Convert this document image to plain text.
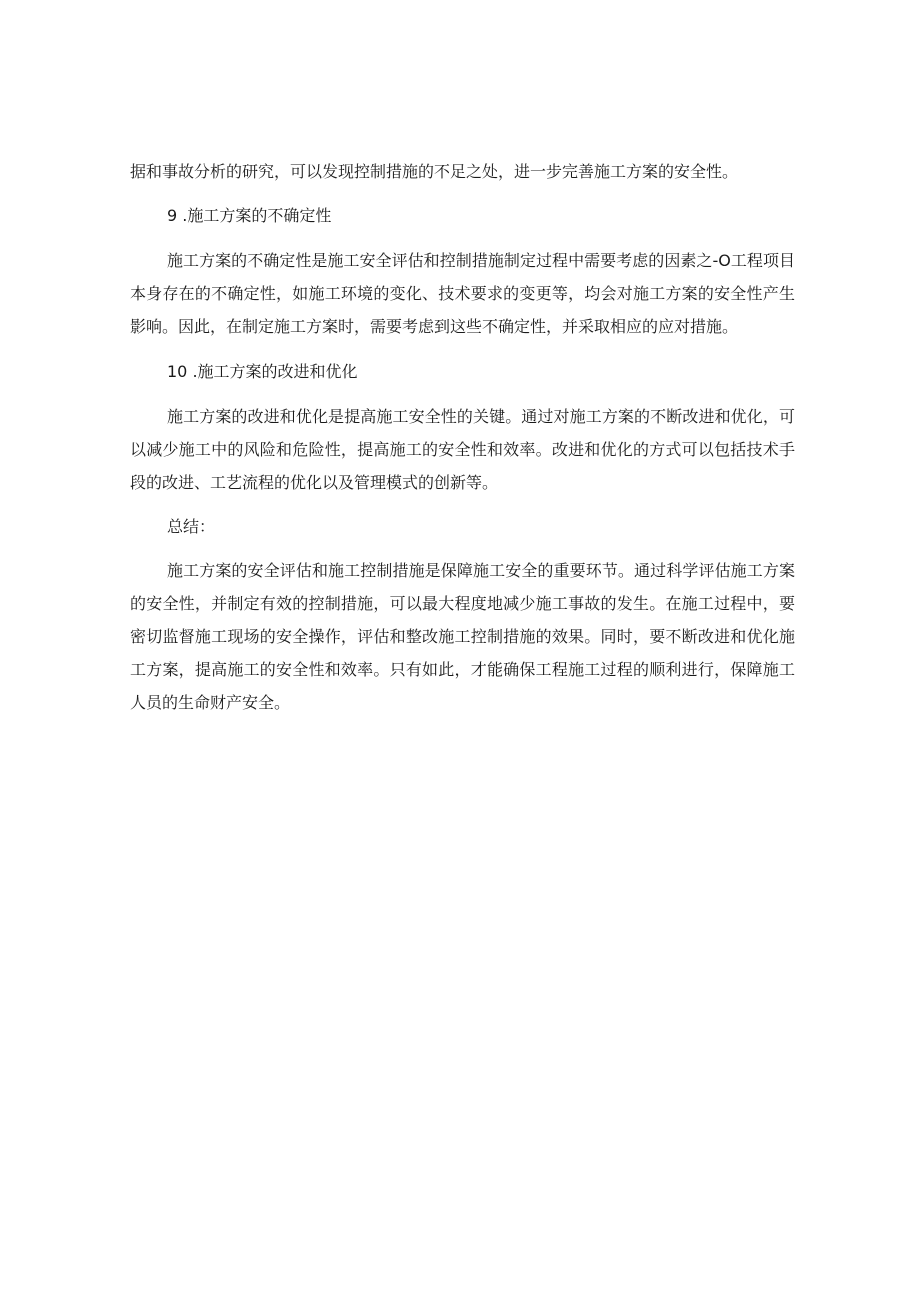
据和事故分析的研究，可以发现控制措施的不足之处，进一步完善施工方案的安全性。

9 .施工方案的不确定性

施工方案的不确定性是施工安全评估和控制措施制定过程中需要考虑的因素之-O工程项目本身存在的不确定性，如施工环境的变化、技术要求的变更等，均会对施工方案的安全性产生影响。因此，在制定施工方案时，需要考虑到这些不确定性，并采取相应的应对措施。

10 .施工方案的改进和优化

施工方案的改进和优化是提高施工安全性的关键。通过对施工方案的不断改进和优化，可以减少施工中的风险和危险性，提高施工的安全性和效率。改进和优化的方式可以包括技术手段的改进、工艺流程的优化以及管理模式的创新等。

总结：

施工方案的安全评估和施工控制措施是保障施工安全的重要环节。通过科学评估施工方案的安全性，并制定有效的控制措施，可以最大程度地减少施工事故的发生。在施工过程中，要密切监督施工现场的安全操作，评估和整改施工控制措施的效果。同时，要不断改进和优化施工方案，提高施工的安全性和效率。只有如此，才能确保工程施工过程的顺利进行，保障施工人员的生命财产安全。
